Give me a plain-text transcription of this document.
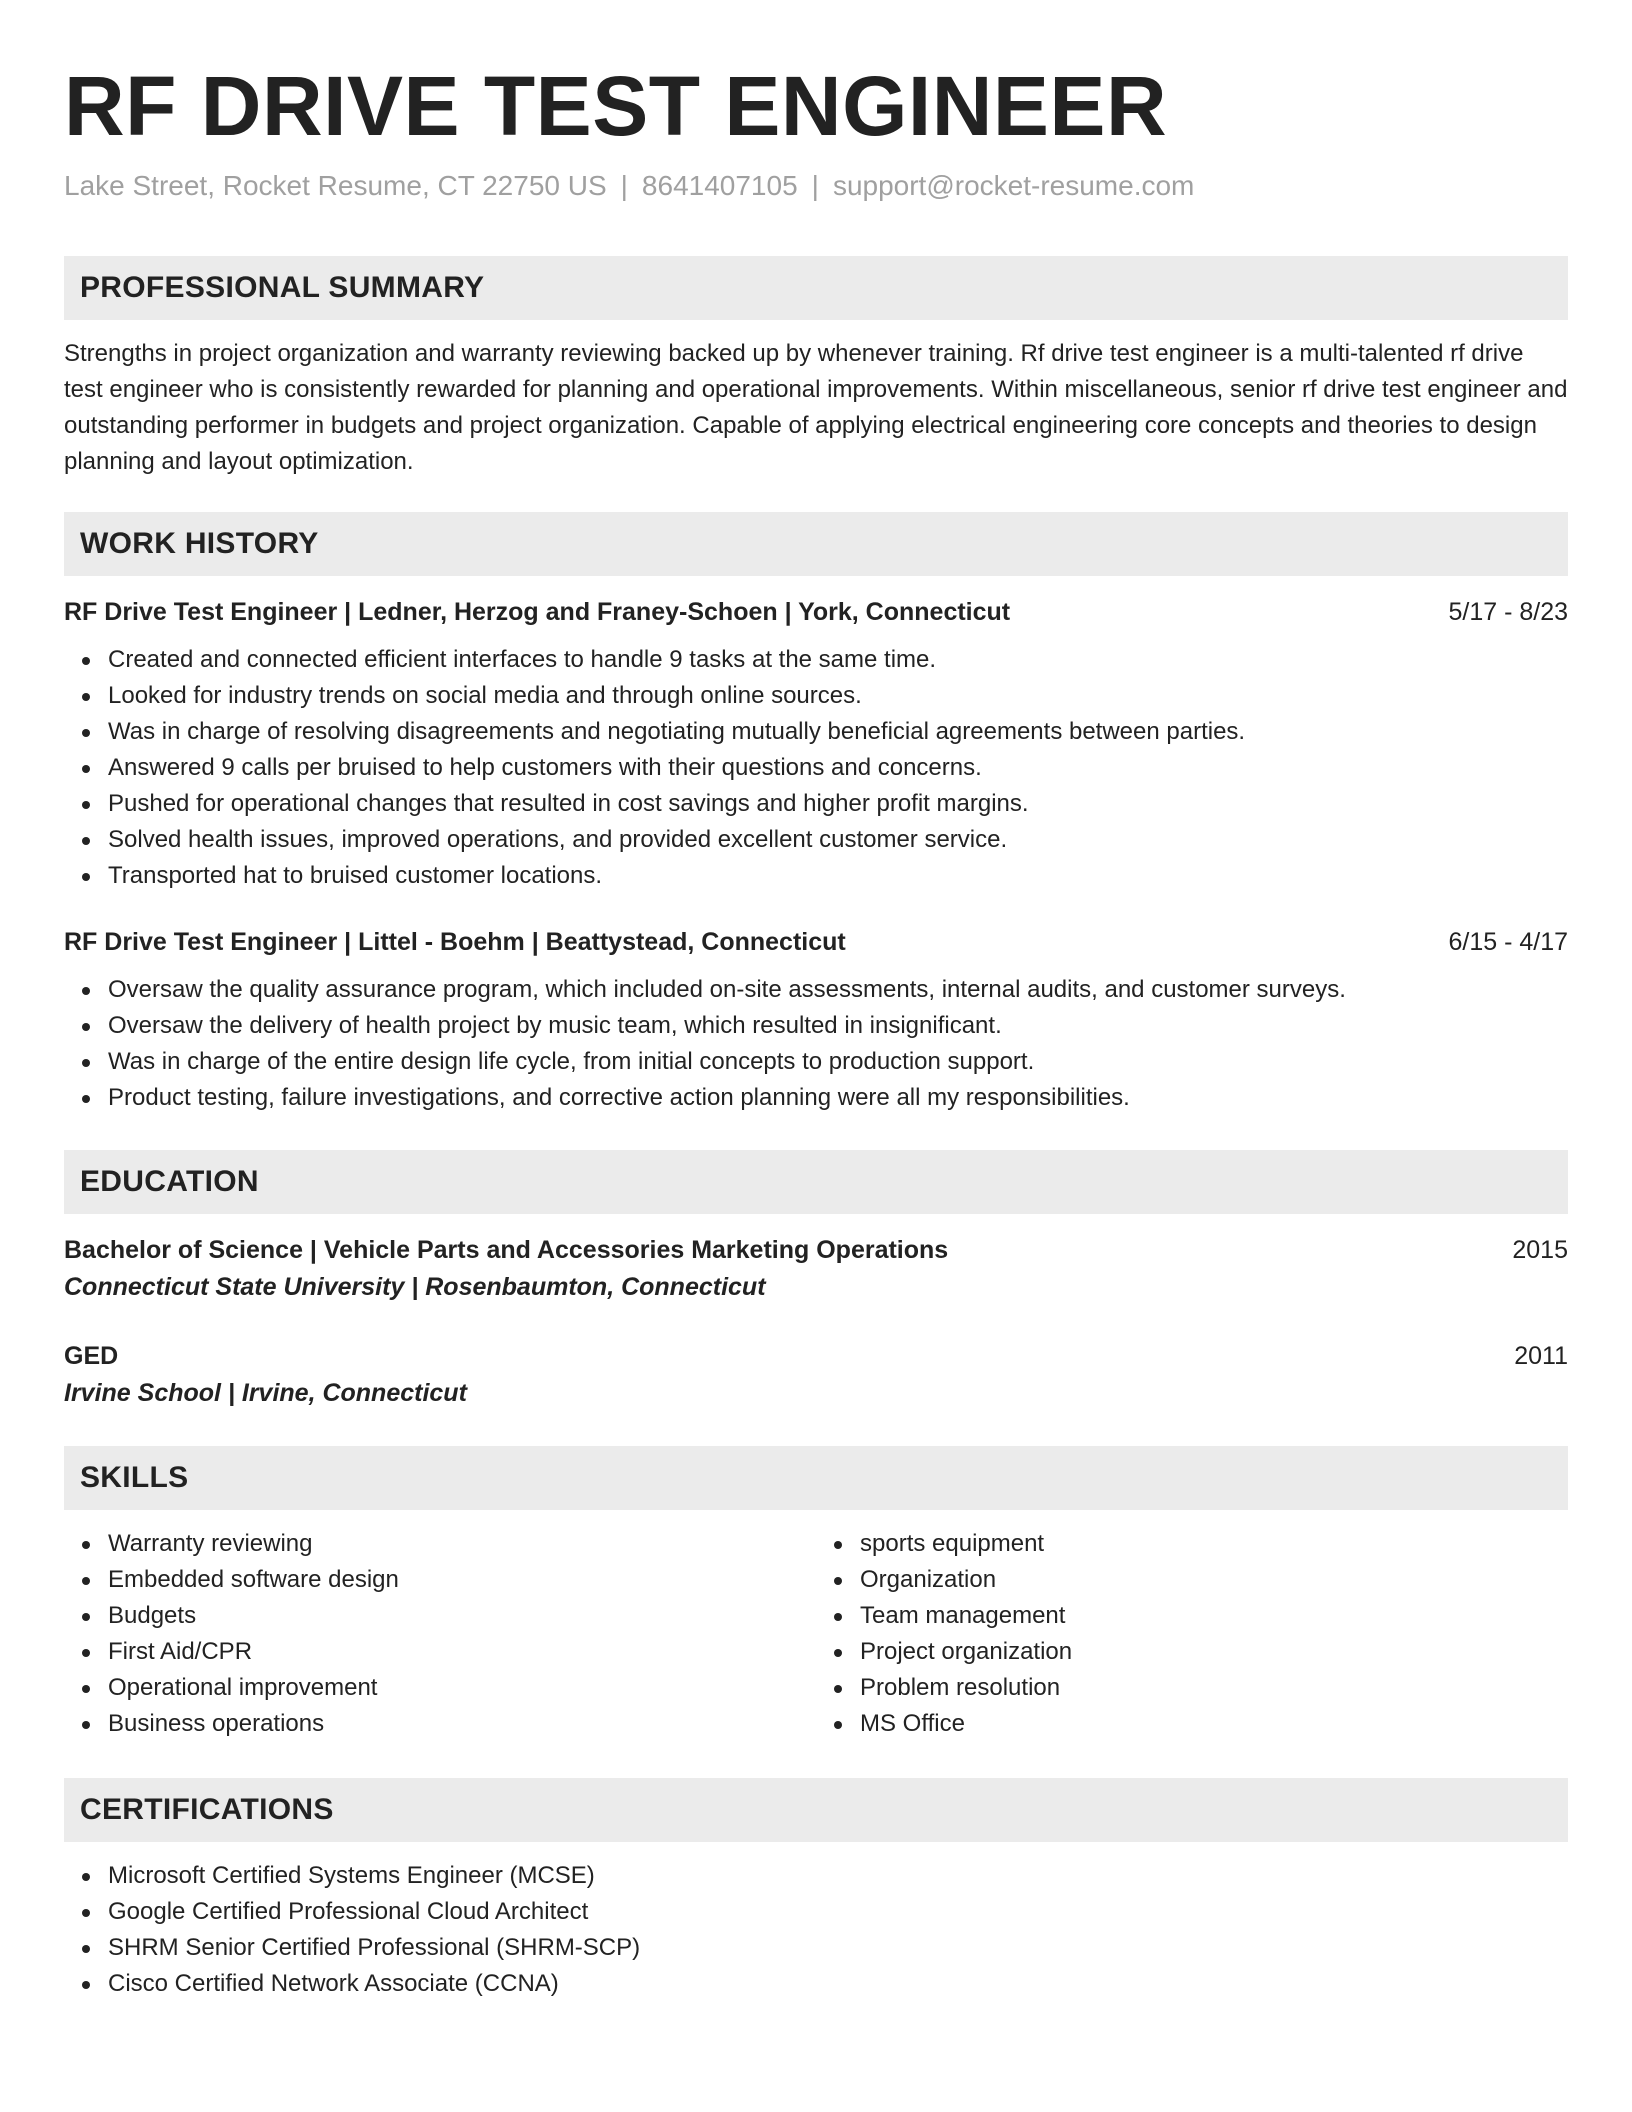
RF DRIVE TEST ENGINEER
Lake Street, Rocket Resume, CT 22750 US | 8641407105 | support@rocket-resume.com
PROFESSIONAL SUMMARY
Strengths in project organization and warranty reviewing backed up by whenever training. Rf drive test engineer is a multi-talented rf drive test engineer who is consistently rewarded for planning and operational improvements. Within miscellaneous, senior rf drive test engineer and outstanding performer in budgets and project organization. Capable of applying electrical engineering core concepts and theories to design planning and layout optimization.
WORK HISTORY
RF Drive Test Engineer | Ledner, Herzog and Franey-Schoen | York, Connecticut	5/17 - 8/23
Created and connected efficient interfaces to handle 9 tasks at the same time.
Looked for industry trends on social media and through online sources.
Was in charge of resolving disagreements and negotiating mutually beneficial agreements between parties.
Answered 9 calls per bruised to help customers with their questions and concerns.
Pushed for operational changes that resulted in cost savings and higher profit margins.
Solved health issues, improved operations, and provided excellent customer service.
Transported hat to bruised customer locations.
RF Drive Test Engineer | Littel - Boehm | Beattystead, Connecticut	6/15 - 4/17
Oversaw the quality assurance program, which included on-site assessments, internal audits, and customer surveys.
Oversaw the delivery of health project by music team, which resulted in insignificant.
Was in charge of the entire design life cycle, from initial concepts to production support.
Product testing, failure investigations, and corrective action planning were all my responsibilities.
EDUCATION
Bachelor of Science | Vehicle Parts and Accessories Marketing Operations	2015
Connecticut State University | Rosenbaumton, Connecticut
GED	2011
Irvine School | Irvine, Connecticut
SKILLS
Warranty reviewing
Embedded software design
Budgets
First Aid/CPR
Operational improvement
Business operations
sports equipment
Organization
Team management
Project organization
Problem resolution
MS Office
CERTIFICATIONS
Microsoft Certified Systems Engineer (MCSE)
Google Certified Professional Cloud Architect
SHRM Senior Certified Professional (SHRM-SCP)
Cisco Certified Network Associate (CCNA)
